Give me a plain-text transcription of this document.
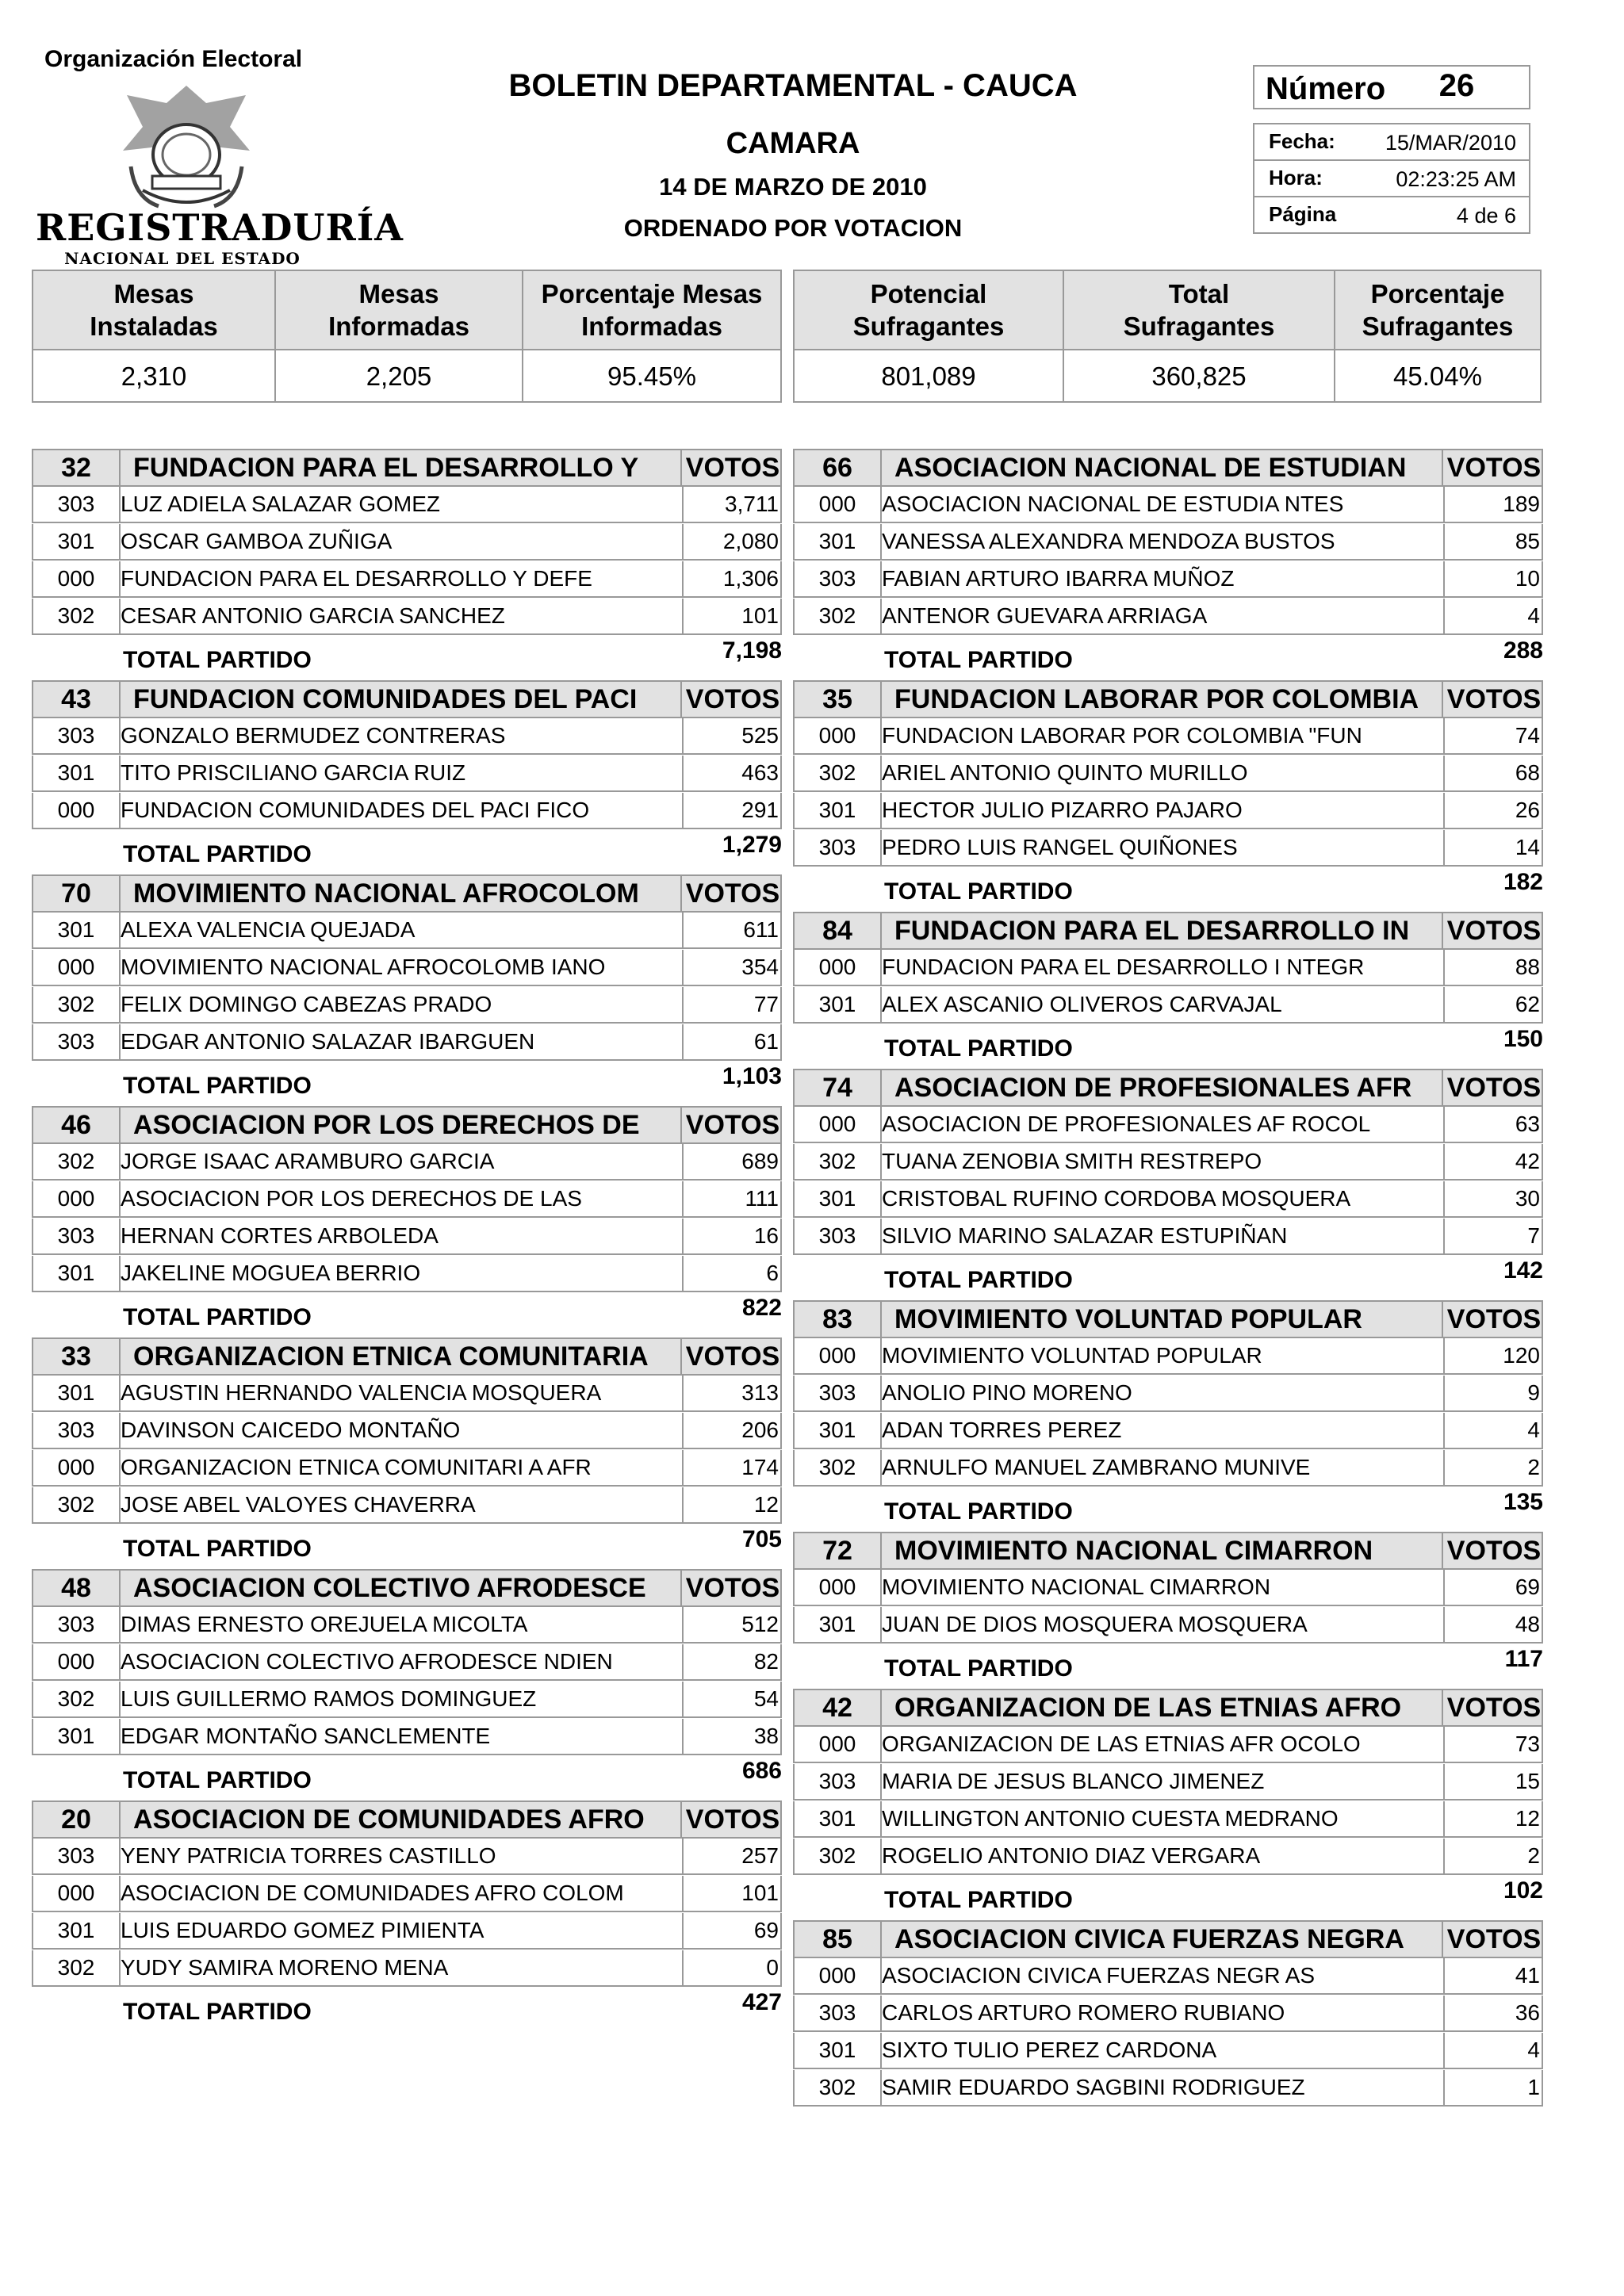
Organización Electoral
REGISTRADURÍA
NACIONAL DEL ESTADO
BOLETIN DEPARTAMENTAL - CAUCA
CAMARA
14 DE MARZO DE 2010
ORDENADO POR VOTACION
Número	26
Fecha:	15/MAR/2010
Hora:	02:23:25 AM
Página	4 de 6
Mesas
Instaladas
Mesas
Informadas
Porcentaje Mesas
Informadas
2,310	2,205	95.45%
Potencial
Sufragantes
Total
Sufragantes
Porcentaje
Sufragantes
801,089	360,825	45.04%
32	FUNDACION PARA EL DESARROLLO Y	VOTOS
303	LUZ ADIELA SALAZAR GOMEZ	3,711
301	OSCAR GAMBOA ZUÑIGA	2,080
000	FUNDACION PARA EL DESARROLLO Y DEFE	1,306
302	CESAR ANTONIO GARCIA SANCHEZ	101
TOTAL PARTIDO	7,198
43	FUNDACION COMUNIDADES DEL PACI	VOTOS
303	GONZALO BERMUDEZ CONTRERAS	525
301	TITO PRISCILIANO GARCIA RUIZ	463
000	FUNDACION COMUNIDADES DEL PACI FICO	291
TOTAL PARTIDO	1,279
70	MOVIMIENTO NACIONAL AFROCOLOM	VOTOS
301	ALEXA VALENCIA QUEJADA	611
000	MOVIMIENTO NACIONAL AFROCOLOMB IANO	354
302	FELIX DOMINGO CABEZAS PRADO	77
303	EDGAR ANTONIO SALAZAR IBARGUEN	61
TOTAL PARTIDO	1,103
46	ASOCIACION POR LOS DERECHOS DE	VOTOS
302	JORGE ISAAC ARAMBURO GARCIA	689
000	ASOCIACION POR LOS DERECHOS DE LAS	111
303	HERNAN CORTES ARBOLEDA	16
301	JAKELINE MOGUEA BERRIO	6
TOTAL PARTIDO	822
33	ORGANIZACION ETNICA COMUNITARIA	VOTOS
301	AGUSTIN HERNANDO VALENCIA MOSQUERA	313
303	DAVINSON CAICEDO MONTAÑO	206
000	ORGANIZACION ETNICA COMUNITARI A AFR	174
302	JOSE ABEL VALOYES CHAVERRA	12
TOTAL PARTIDO	705
48	ASOCIACION COLECTIVO AFRODESCE	VOTOS
303	DIMAS ERNESTO OREJUELA MICOLTA	512
000	ASOCIACION COLECTIVO AFRODESCE NDIEN	82
302	LUIS GUILLERMO RAMOS DOMINGUEZ	54
301	EDGAR MONTAÑO SANCLEMENTE	38
TOTAL PARTIDO	686
20	ASOCIACION DE COMUNIDADES AFRO	VOTOS
303	YENY PATRICIA TORRES CASTILLO	257
000	ASOCIACION DE COMUNIDADES AFRO COLOM	101
301	LUIS EDUARDO GOMEZ PIMIENTA	69
302	YUDY SAMIRA MORENO MENA	0
TOTAL PARTIDO	427
66	ASOCIACION NACIONAL DE ESTUDIAN	VOTOS
000	ASOCIACION NACIONAL DE ESTUDIA NTES	189
301	VANESSA ALEXANDRA MENDOZA BUSTOS	85
303	FABIAN ARTURO IBARRA MUÑOZ	10
302	ANTENOR GUEVARA ARRIAGA	4
TOTAL PARTIDO	288
35	FUNDACION LABORAR POR COLOMBIA	VOTOS
000	FUNDACION LABORAR POR COLOMBIA "FUN	74
302	ARIEL ANTONIO QUINTO MURILLO	68
301	HECTOR JULIO PIZARRO PAJARO	26
303	PEDRO LUIS RANGEL QUIÑONES	14
TOTAL PARTIDO	182
84	FUNDACION PARA EL DESARROLLO IN	VOTOS
000	FUNDACION PARA EL DESARROLLO I NTEGR	88
301	ALEX ASCANIO OLIVEROS CARVAJAL	62
TOTAL PARTIDO	150
74	ASOCIACION DE PROFESIONALES AFR	VOTOS
000	ASOCIACION DE PROFESIONALES AF ROCOL	63
302	TUANA ZENOBIA SMITH RESTREPO	42
301	CRISTOBAL RUFINO CORDOBA MOSQUERA	30
303	SILVIO MARINO SALAZAR ESTUPIÑAN	7
TOTAL PARTIDO	142
83	MOVIMIENTO VOLUNTAD POPULAR	VOTOS
000	MOVIMIENTO VOLUNTAD POPULAR	120
303	ANOLIO PINO MORENO	9
301	ADAN TORRES PEREZ	4
302	ARNULFO MANUEL ZAMBRANO MUNIVE	2
TOTAL PARTIDO	135
72	MOVIMIENTO NACIONAL CIMARRON	VOTOS
000	MOVIMIENTO NACIONAL CIMARRON	69
301	JUAN DE DIOS MOSQUERA MOSQUERA	48
TOTAL PARTIDO	117
42	ORGANIZACION DE LAS ETNIAS AFRO	VOTOS
000	ORGANIZACION DE LAS ETNIAS AFR OCOLO	73
303	MARIA DE JESUS BLANCO JIMENEZ	15
301	WILLINGTON ANTONIO CUESTA MEDRANO	12
302	ROGELIO ANTONIO DIAZ VERGARA	2
TOTAL PARTIDO	102
85	ASOCIACION CIVICA FUERZAS NEGRA	VOTOS
000	ASOCIACION CIVICA FUERZAS NEGR AS	41
303	CARLOS ARTURO ROMERO RUBIANO	36
301	SIXTO TULIO PEREZ CARDONA	4
302	SAMIR EDUARDO SAGBINI RODRIGUEZ	1
